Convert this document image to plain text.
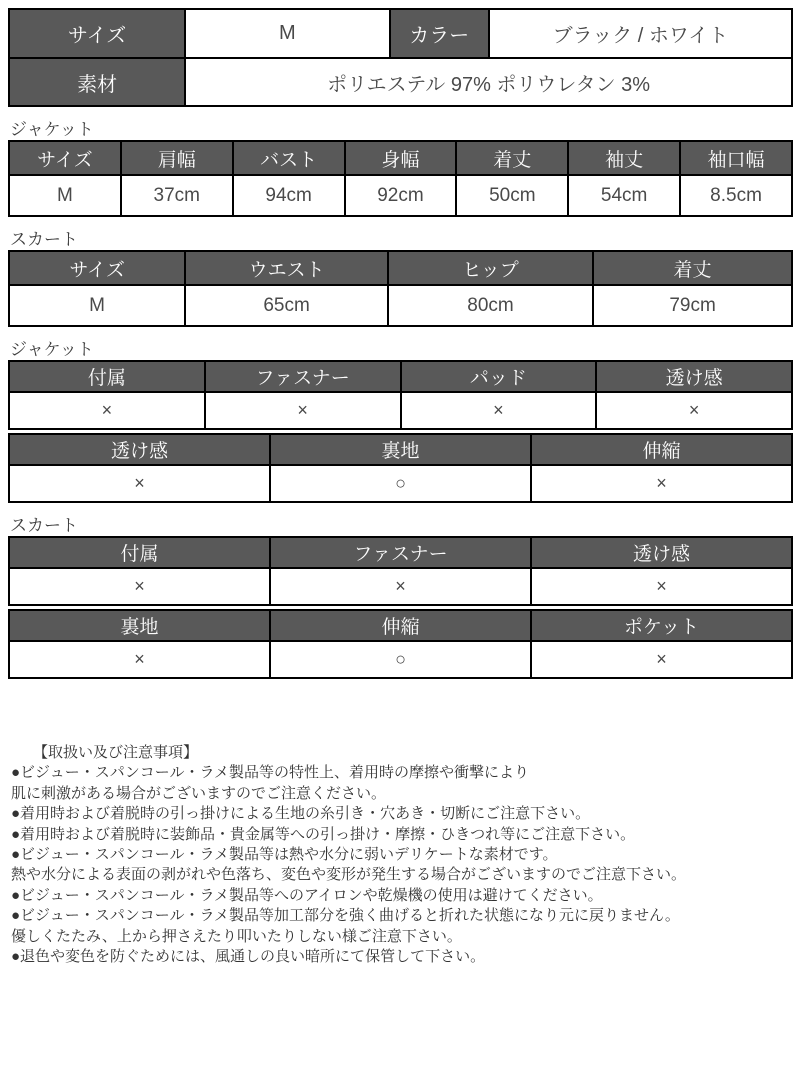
サイズ	M	カラー	ブラック / ホワイト
素材	ポリエステル 97% ポリウレタン 3%		
ジャケット
サイズ	肩幅	バスト	身幅	着丈	袖丈	袖口幅
M	37cm	94cm	92cm	50cm	54cm	8.5cm
スカート
サイズ	ウエスト	ヒップ	着丈
M	65cm	80cm	79cm
ジャケット
付属	ファスナー	パッド	透け感
×	×	×	×
透け感	裏地	伸縮
×	○	×
スカート
付属	ファスナー	透け感
×	×	×
裏地	伸縮	ポケット
×	○	×
【取扱い及び注意事項】
●ビジュー・スパンコール・ラメ製品等の特性上、着用時の摩擦や衝撃により
肌に刺激がある場合がございますのでご注意ください。
●着用時および着脱時の引っ掛けによる生地の糸引き・穴あき・切断にご注意下さい。
●着用時および着脱時に装飾品・貴金属等への引っ掛け・摩擦・ひきつれ等にご注意下さい。
●ビジュー・スパンコール・ラメ製品等は熱や水分に弱いデリケートな素材です。
熱や水分による表面の剥がれや色落ち、変色や変形が発生する場合がございますのでご注意下さい。
●ビジュー・スパンコール・ラメ製品等へのアイロンや乾燥機の使用は避けてください。
●ビジュー・スパンコール・ラメ製品等加工部分を強く曲げると折れた状態になり元に戻りません。
優しくたたみ、上から押さえたり叩いたりしない様ご注意下さい。
●退色や変色を防ぐためには、風通しの良い暗所にて保管して下さい。
